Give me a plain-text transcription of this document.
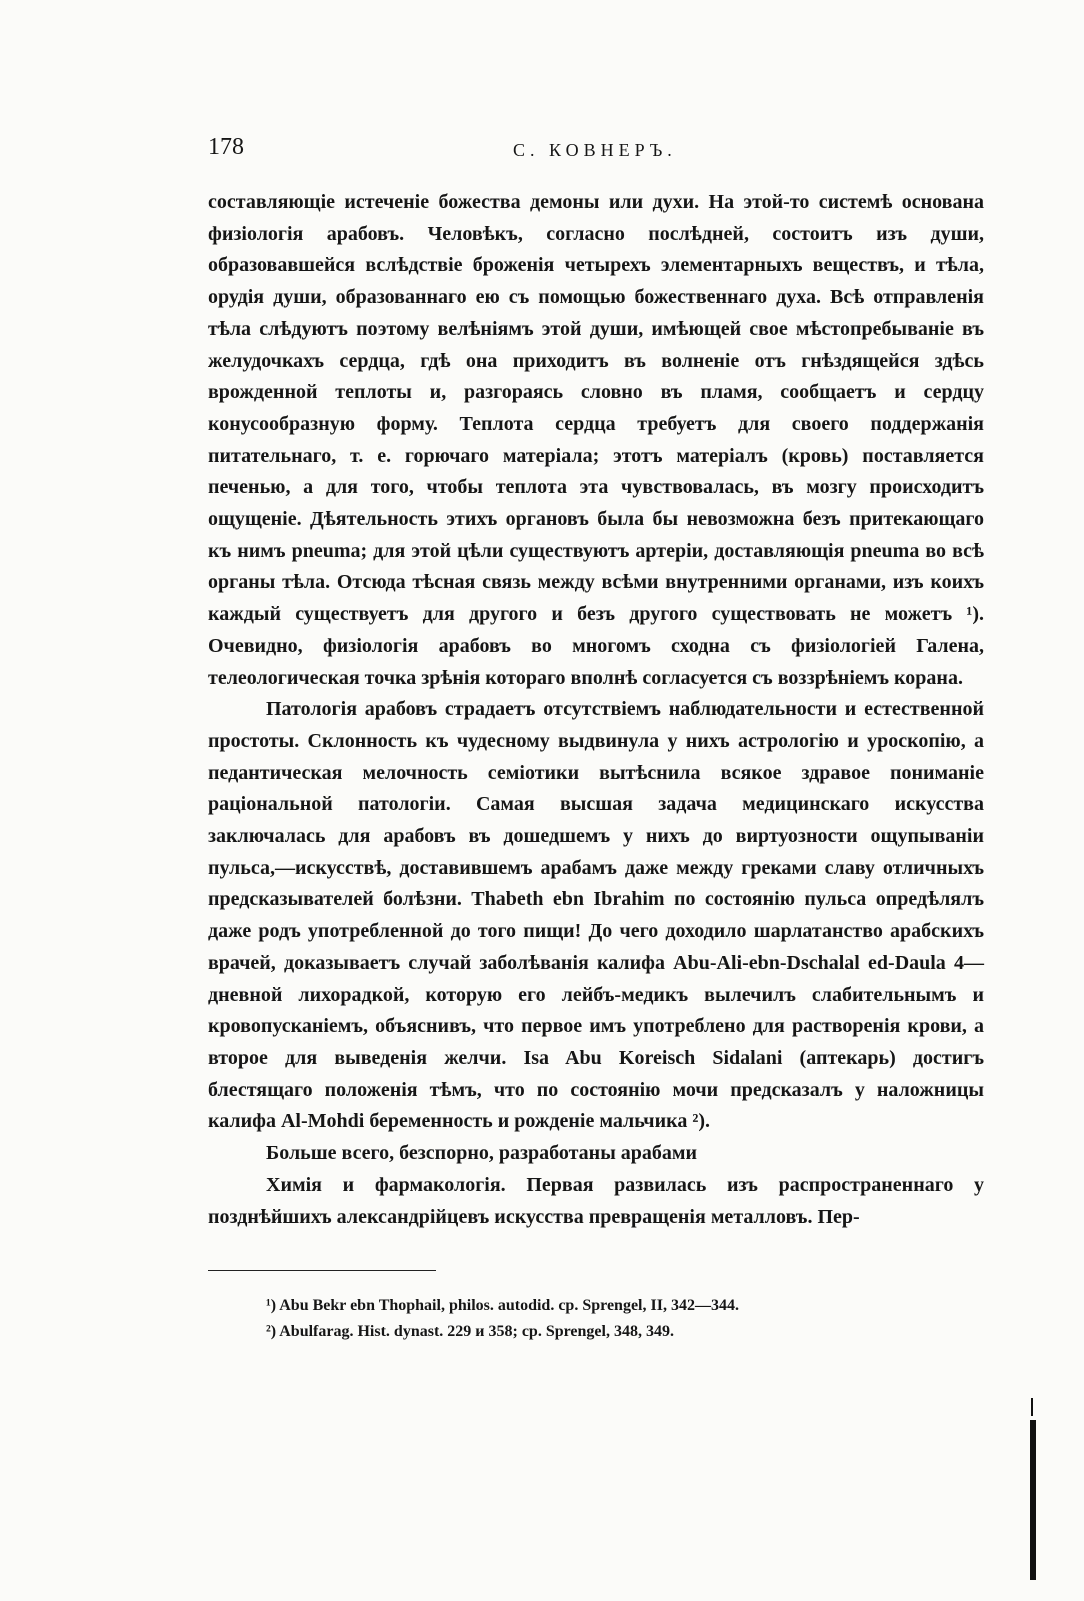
178	С. КОВНЕРЪ.

составляющіе истеченіе божества демоны или духи. На этой-то системѣ основана физіологія арабовъ. Человѣкъ, согласно послѣдней, состоитъ изъ души, образовавшейся вслѣдствіе броженія четырехъ элементарныхъ веществъ, и тѣла, орудія души, образованнаго ею съ помощью божественнаго духа. Всѣ отправленія тѣла слѣдуютъ поэтому велѣніямъ этой души, имѣющей свое мѣстопребываніе въ желудочкахъ сердца, гдѣ она приходитъ въ волненіе отъ гнѣздящейся здѣсь врожденной теплоты и, разгораясь словно въ пламя, сообщаетъ и сердцу конусообразную форму. Теплота сердца требуетъ для своего поддержанія питательнаго, т. е. горючаго матеріала; этотъ матеріалъ (кровь) поставляется печенью, а для того, чтобы теплота эта чувствовалась, въ мозгу происходитъ ощущеніе. Дѣятельность этихъ органовъ была бы невозможна безъ притекающаго къ нимъ pneuma; для этой цѣли существуютъ артеріи, доставляющія pneuma во всѣ органы тѣла. Отсюда тѣсная связь между всѣми внутренними органами, изъ коихъ каждый существуетъ для другого и безъ другого существовать не можетъ ¹). Очевидно, физіологія арабовъ во многомъ сходна съ физіологіей Галена, телеологическая точка зрѣнія котораго вполнѣ согласуется съ воззрѣніемъ корана.

Патологія арабовъ страдаетъ отсутствіемъ наблюдательности и естественной простоты. Склонность къ чудесному выдвинула у нихъ астрологію и уроскопію, а педантическая мелочность семіотики вытѣснила всякое здравое пониманіе раціональной патологіи. Самая высшая задача медицинскаго искусства заключалась для арабовъ въ дошедшемъ у нихъ до виртуозности ощупываніи пульса,—искусствѣ, доставившемъ арабамъ даже между греками славу отличныхъ предсказывателей болѣзни. Thabeth ebn Ibrahim по состоянію пульса опредѣлялъ даже родъ употребленной до того пищи! До чего доходило шарлатанство арабскихъ врачей, доказываетъ случай заболѣванія калифа Abu-Ali-ebn-Dschalal ed-Daula 4—дневной лихорадкой, которую его лейбъ-медикъ вылечилъ слабительнымъ и кровопусканіемъ, объяснивъ, что первое имъ употреблено для растворенія крови, а второе для выведенія желчи. Isa Abu Koreisch Sidalani (аптекарь) достигъ блестящаго положенія тѣмъ, что по состоянію мочи предсказалъ у наложницы калифа Al-Mohdi беременность и рожденіе мальчика ²).

Больше всего, безспорно, разработаны арабами

Химія и фармакологія. Первая развилась изъ распространеннаго у позднѣйшихъ александрійцевъ искусства превращенія металловъ. Пер-

¹) Abu Bekr ebn Thophail, philos. autodid. cp. Sprengel, II, 342—344.

²) Abulfarag. Hist. dynast. 229 и 358; cp. Sprengel, 348, 349.
